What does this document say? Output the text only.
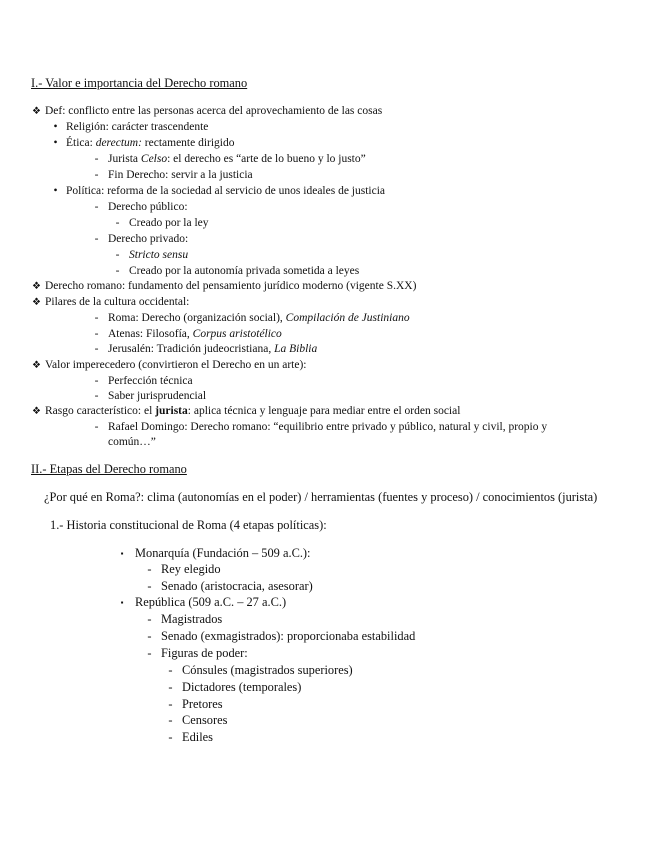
I.- Valor e importancia del Derecho romano
❖ Def: conflicto entre las personas acerca del aprovechamiento de las cosas
• Religión: carácter trascendente
• Ética: derectum: rectamente dirigido
- Jurista Celso: el derecho es “arte de lo bueno y lo justo”
- Fin Derecho: servir a la justicia
• Política: reforma de la sociedad al servicio de unos ideales de justicia
- Derecho público:
- Creado por la ley
- Derecho privado:
- Stricto sensu
- Creado por la autonomía privada sometida a leyes
❖ Derecho romano: fundamento del pensamiento jurídico moderno (vigente S.XX)
❖ Pilares de la cultura occidental:
- Roma: Derecho (organización social), Compilación de Justiniano
- Atenas: Filosofía, Corpus aristotélico
- Jerusalén: Tradición judeocristiana, La Biblia
❖ Valor imperecedero (convirtieron el Derecho en un arte):
- Perfección técnica
- Saber jurisprudencial
❖ Rasgo característico: el jurista: aplica técnica y lenguaje para mediar entre el orden social
- Rafael Domingo: Derecho romano: “equilibrio entre privado y público, natural y civil, propio y
común…”
II.- Etapas del Derecho romano
¿Por qué en Roma?: clima (autonomías en el poder) / herramientas (fuentes y proceso) / conocimientos (jurista)
1.- Historia constitucional de Roma (4 etapas políticas):
▪ Monarquía (Fundación – 509 a.C.):
- Rey elegido
- Senado (aristocracia, asesorar)
▪ República (509 a.C. – 27 a.C.)
- Magistrados
- Senado (exmagistrados): proporcionaba estabilidad
- Figuras de poder:
- Cónsules (magistrados superiores)
- Dictadores (temporales)
- Pretores
- Censores
- Ediles
